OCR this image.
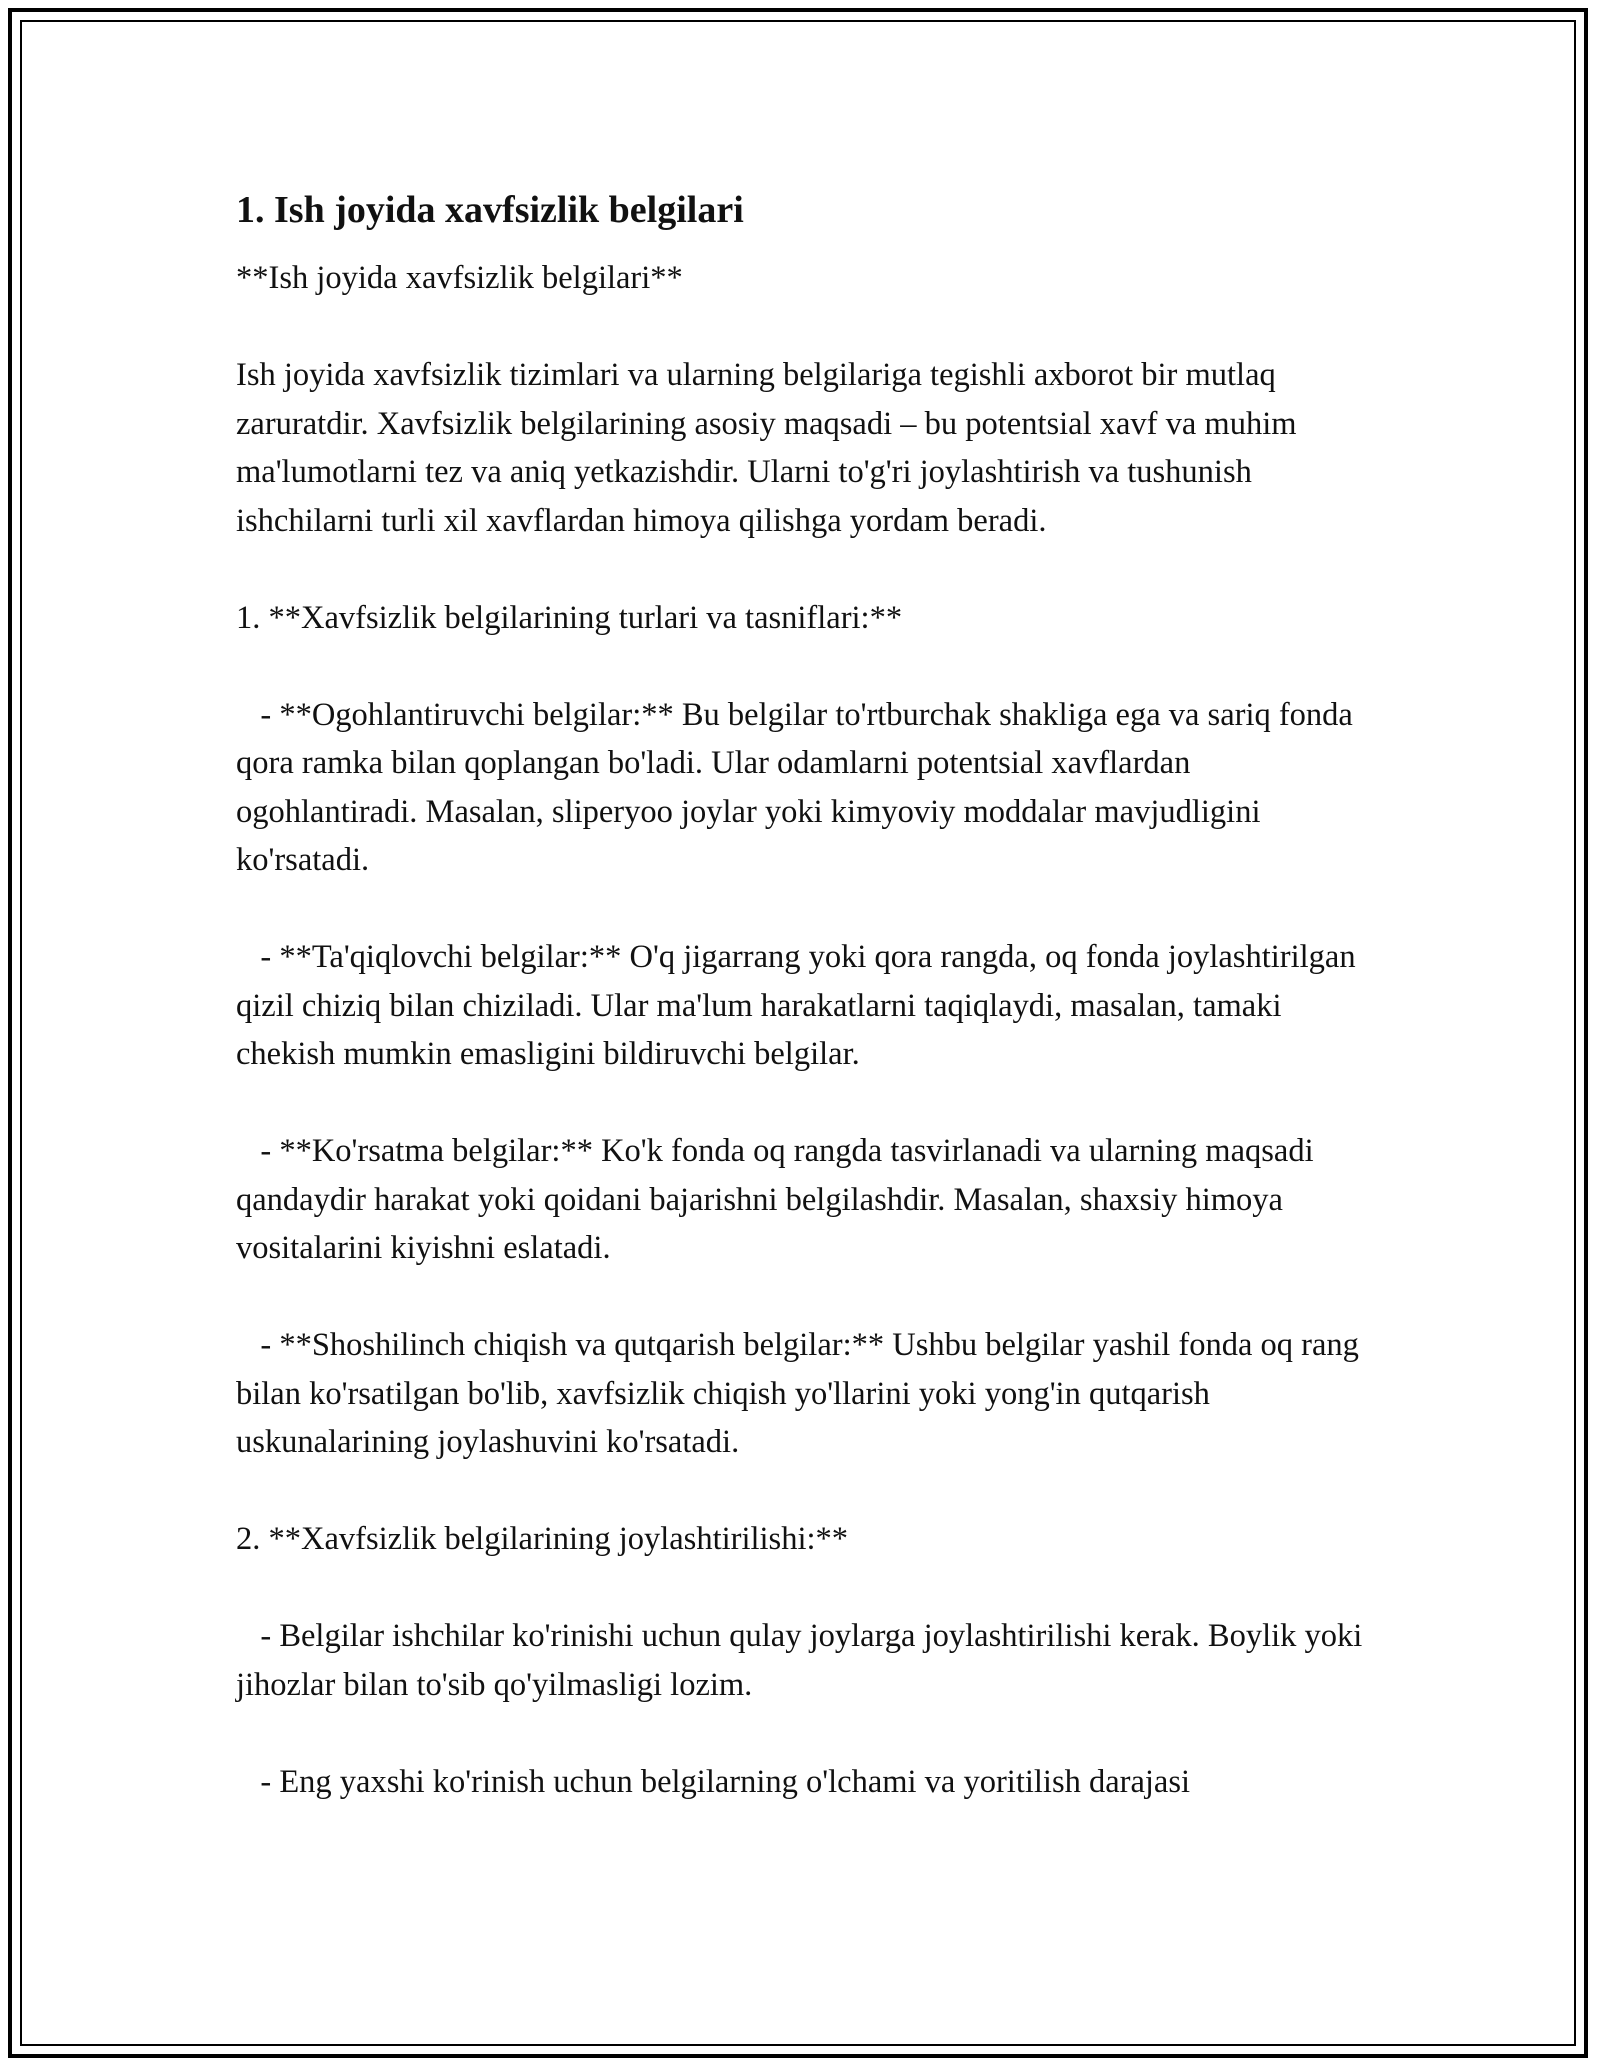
1. Ish joyida xavfsizlik belgilari

**Ish joyida xavfsizlik belgilari**

Ish joyida xavfsizlik tizimlari va ularning belgilariga tegishli axborot bir mutlaq zaruratdir. Xavfsizlik belgilarining asosiy maqsadi – bu potentsial xavf va muhim ma'lumotlarni tez va aniq yetkazishdir. Ularni to'g'ri joylashtirish va tushunish ishchilarni turli xil xavflardan himoya qilishga yordam beradi.

1. **Xavfsizlik belgilarining turlari va tasniflari:**

- **Ogohlantiruvchi belgilar:** Bu belgilar to'rtburchak shakliga ega va sariq fonda qora ramka bilan qoplangan bo'ladi. Ular odamlarni potentsial xavflardan ogohlantiradi. Masalan, sliperyoo joylar yoki kimyoviy moddalar mavjudligini ko'rsatadi.

- **Ta'qiqlovchi belgilar:** O'q jigarrang yoki qora rangda, oq fonda joylashtirilgan qizil chiziq bilan chiziladi. Ular ma'lum harakatlarni taqiqlaydi, masalan, tamaki chekish mumkin emasligini bildiruvchi belgilar.

- **Ko'rsatma belgilar:** Ko'k fonda oq rangda tasvirlanadi va ularning maqsadi qandaydir harakat yoki qoidani bajarishni belgilashdir. Masalan, shaxsiy himoya vositalarini kiyishni eslatadi.

- **Shoshilinch chiqish va qutqarish belgilar:** Ushbu belgilar yashil fonda oq rang bilan ko'rsatilgan bo'lib, xavfsizlik chiqish yo'llarini yoki yong'in qutqarish uskunalarining joylashuvini ko'rsatadi.

2. **Xavfsizlik belgilarining joylashtirilishi:**

- Belgilar ishchilar ko'rinishi uchun qulay joylarga joylashtirilishi kerak. Boylik yoki jihozlar bilan to'sib qo'yilmasligi lozim.

- Eng yaxshi ko'rinish uchun belgilarning o'lchami va yoritilish darajasi
